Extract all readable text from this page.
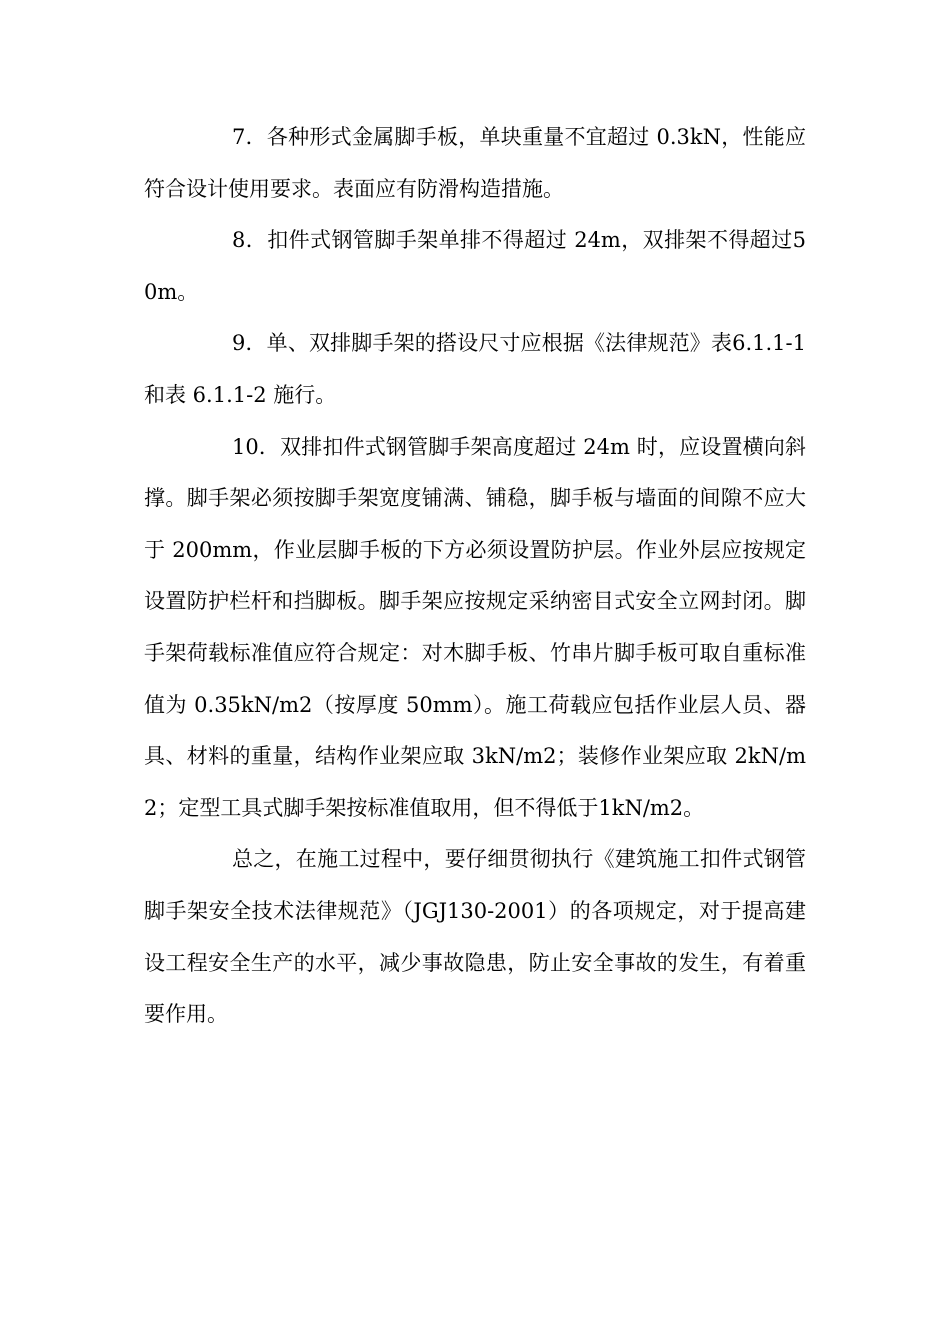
7．各种形式金属脚手板，单块重量不宜超过 0.3kN，性能应符合设计使用要求。表面应有防滑构造措施。

8．扣件式钢管脚手架单排不得超过 24m，双排架不得超过50m。

9．单、双排脚手架的搭设尺寸应根据《法律规范》表6.1.1-1 和表 6.1.1-2 施行。

10．双排扣件式钢管脚手架高度超过 24m 时，应设置横向斜撑。脚手架必须按脚手架宽度铺满、铺稳，脚手板与墙面的间隙不应大于 200mm，作业层脚手板的下方必须设置防护层。作业外层应按规定设置防护栏杆和挡脚板。脚手架应按规定采纳密目式安全立网封闭。脚手架荷载标准值应符合规定：对木脚手板、竹串片脚手板可取自重标准值为 0.35kN/m2（按厚度 50mm）。施工荷载应包括作业层人员、器具、材料的重量，结构作业架应取 3kN/m2；装修作业架应取 2kN/m2；定型工具式脚手架按标准值取用，但不得低于1kN/m2。

总之，在施工过程中，要仔细贯彻执行《建筑施工扣件式钢管脚手架安全技术法律规范》（JGJ130-2001）的各项规定，对于提高建设工程安全生产的水平，减少事故隐患，防止安全事故的发生，有着重要作用。
